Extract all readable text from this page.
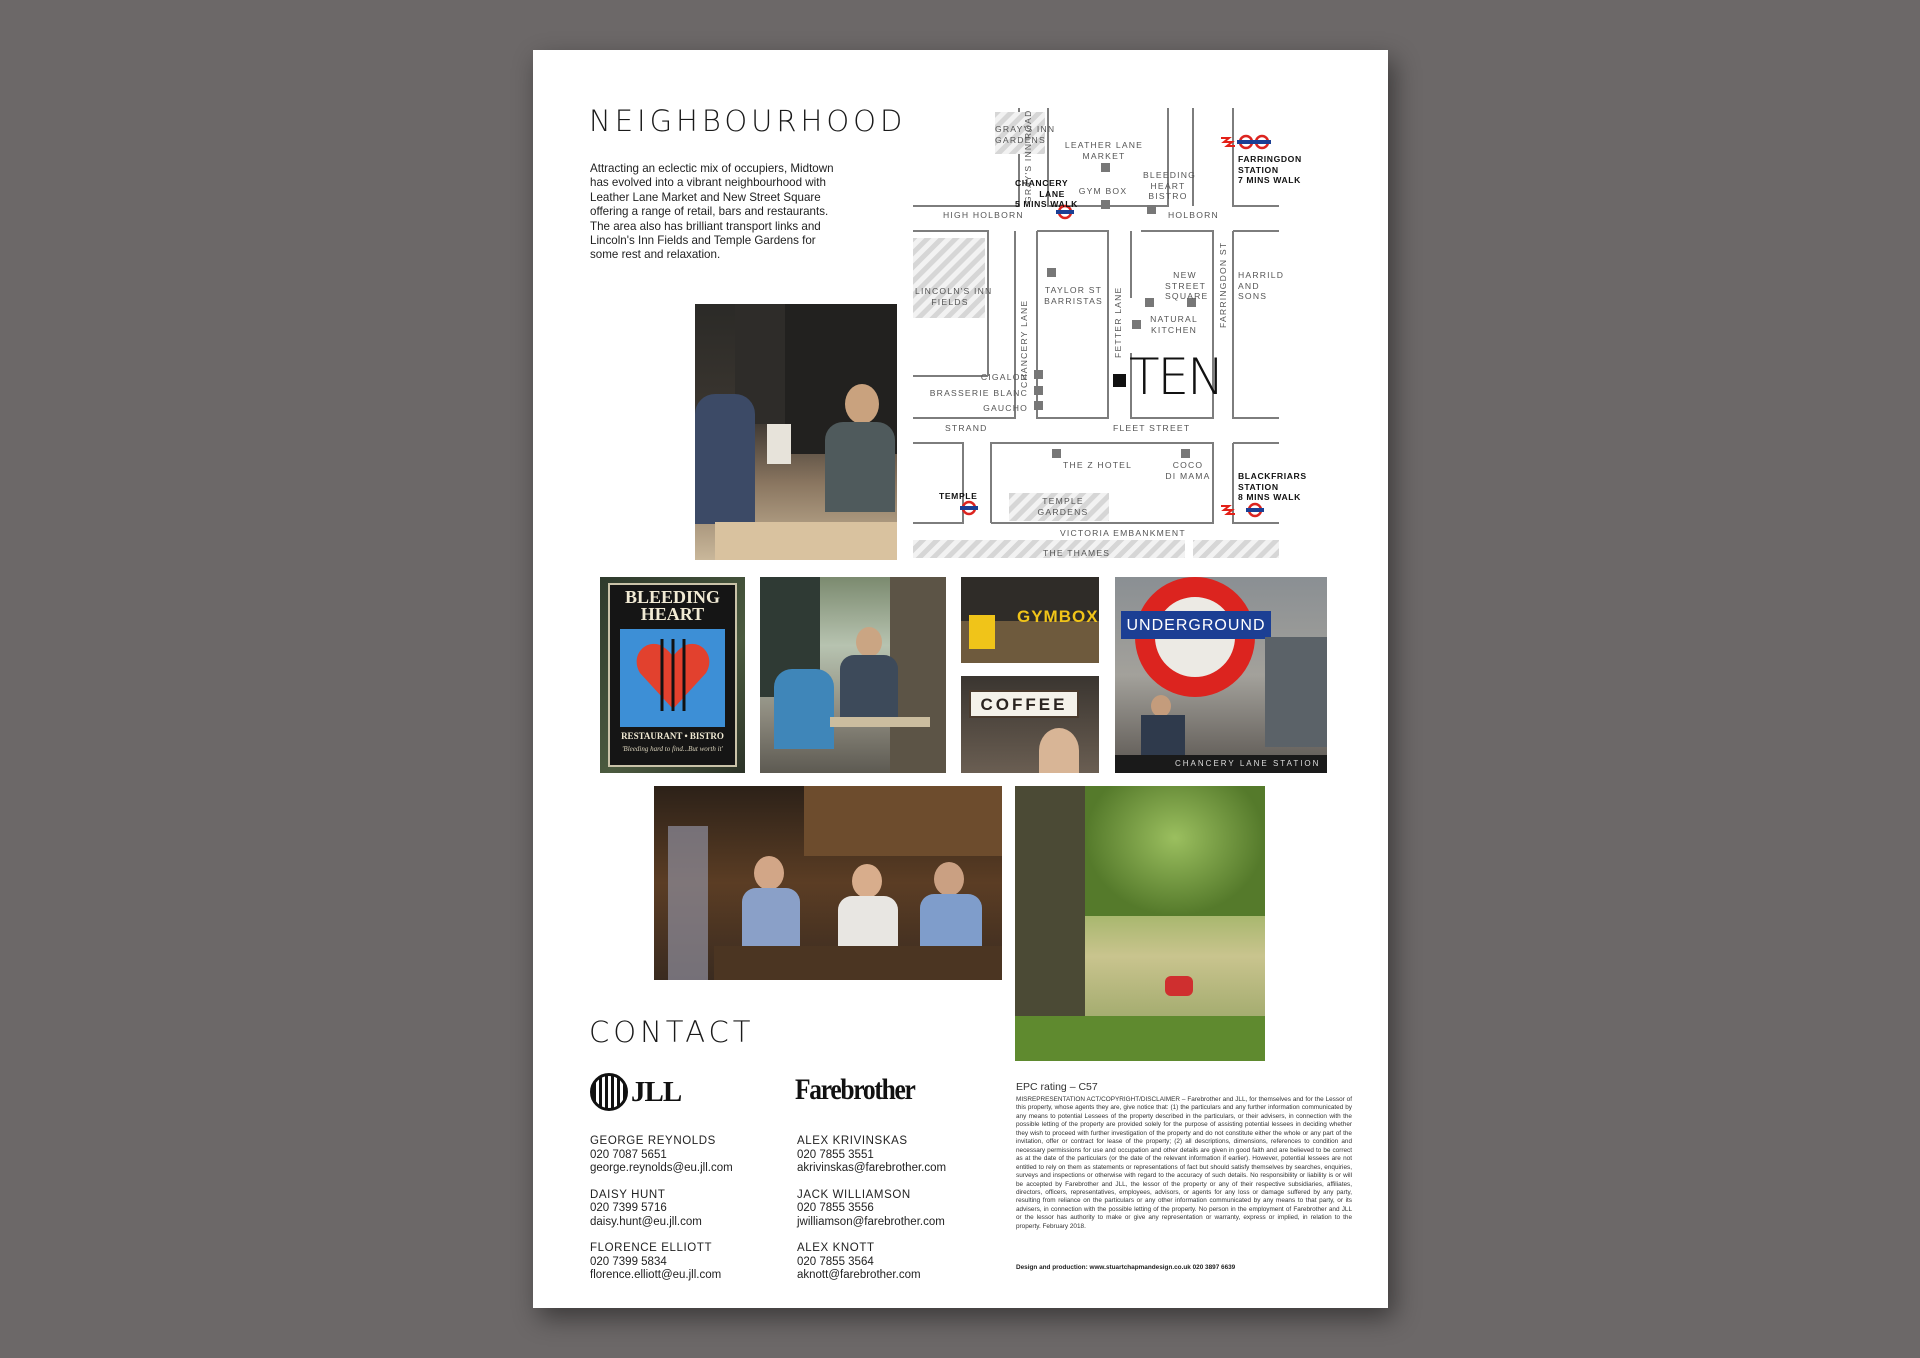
NEIGHBOURHOOD

Attracting an eclectic mix of occupiers, Midtown has evolved into a vibrant neighbourhood with Leather Lane Market and New Street Square offering a range of retail, bars and restaurants. The area also has brilliant transport links and Lincoln's Inn Fields and Temple Gardens for some rest and relaxation.

GRAY'S INN
GARDENS
LEATHER LANE
MARKET
GYM BOX
BLEEDING
HEART
BISTRO
CHANCERY
LANE
5 MINS WALK
FARRINGDON
STATION
7 MINS WALK
HIGH HOLBORN	HOLBORN
GRAY'S INN ROAD
CHANCERY LANE	FETTER LANE	FARRINGDON ST
LINCOLN'S INN
FIELDS
TAYLOR ST
BARRISTAS
NEW
STREET
SQUARE
NATURAL
KITCHEN
HARRILD
AND
SONS
CIGALON
BRASSERIE BLANC
GAUCHO
TEN
STRAND	FLEET STREET
THE Z HOTEL	COCO
DI MAMA
TEMPLE
GARDENS
TEMPLE
BLACKFRIARS
STATION
8 MINS WALK
VICTORIA EMBANKMENT
THE THAMES
BLEEDING
HEART
RESTAURANT • BISTRO
'Bleeding hard to find...But worth it'
GYMBOX
COFFEE
UNDERGROUND
CHANCERY LANE STATION
CONTACT
JLL	Farebrother
GEORGE REYNOLDS
020 7087 5651
george.reynolds@eu.jll.com
DAISY HUNT
020 7399 5716
daisy.hunt@eu.jll.com
FLORENCE ELLIOTT
020 7399 5834
florence.elliott@eu.jll.com
ALEX KRIVINSKAS
020 7855 3551
akrivinskas@farebrother.com
JACK WILLIAMSON
020 7855 3556
jwilliamson@farebrother.com
ALEX KNOTT
020 7855 3564
aknott@farebrother.com
EPC rating – C57
MISREPRESENTATION ACT/COPYRIGHT/DISCLAIMER – Farebrother and JLL, for themselves and for the Lessor of this property, whose agents they are, give notice that: (1) the particulars and any further information communicated by any means to potential Lessees of the property described in the particulars, or their advisers, in connection with the possible letting of the property are provided solely for the purpose of assisting potential lessees in deciding whether they wish to proceed with further investigation of the property and do not constitute either the whole or any part of the invitation, offer or contract for lease of the property; (2) all descriptions, dimensions, references to condition and necessary permissions for use and occupation and other details are given in good faith and are believed to be correct as at the date of the particulars (or the date of the relevant information if earlier). However, potential lessees are not entitled to rely on them as statements or representations of fact but should satisfy themselves by searches, enquiries, surveys and inspections or otherwise with regard to the accuracy of such details. No responsibility or liability is or will be accepted by Farebrother and JLL, the lessor of the property or any of their respective subsidiaries, affiliates, directors, officers, representatives, employees, advisors, or agents for any loss or damage suffered by any party, resulting from reliance on the particulars or any other information communicated by any means to that party, or its advisers, in connection with the possible letting of the property. No person in the employment of Farebrother and JLL or the lessor has authority to make or give any representation or warranty, express or implied, in relation to the property. February 2018.
Design and production: www.stuartchapmandesign.co.uk 020 3897 6639
